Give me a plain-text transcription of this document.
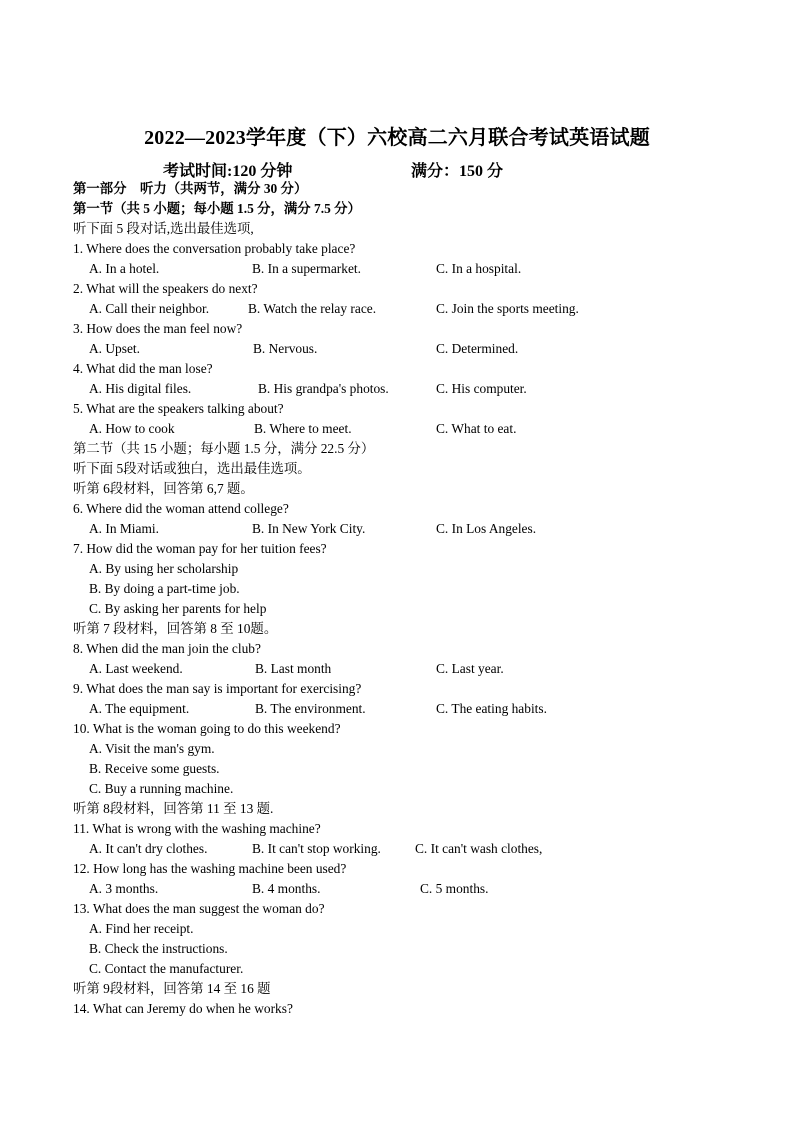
2022—2023学年度（下）六校高二六月联合考试英语试题
考试时间:120 分钟	满分：150 分
第一部分　听力（共两节，满分 30 分）
第一节（共 5 小题；每小题 1.5 分，满分 7.5 分）
听下面 5 段对话,选出最佳选项,
1. Where does the conversation probably take place?
A. In a hotel.	B. In a supermarket.	C. In a hospital.
2. What will the speakers do next?
A. Call their neighbor.	B. Watch the relay race.	C. Join the sports meeting.
3. How does the man feel now?
A. Upset.	B. Nervous.	C. Determined.
4. What did the man lose?
A. His digital files.	B. His grandpa's photos.	C. His computer.
5. What are the speakers talking about?
A. How to cook	B. Where to meet.	C. What to eat.
第二节（共 15 小题；每小题 1.5 分，满分 22.5 分）
听下面 5段对话或独白，选出最佳选项。
听第 6段材料，回答第 6,7 题。
6. Where did the woman attend college?
A. In Miami.	B. In New York City.	C. In Los Angeles.
7. How did the woman pay for her tuition fees?
A. By using her scholarship
B. By doing a part-time job.
C. By asking her parents for help
听第 7 段材料，回答第 8 至 10题。
8. When did the man join the club?
A. Last weekend.	B. Last month	C. Last year.
9. What does the man say is important for exercising?
A. The equipment.	B. The environment.	C. The eating habits.
10. What is the woman going to do this weekend?
A. Visit the man's gym.
B. Receive some guests.
C. Buy a running machine.
听第 8段材料，回答第 11 至 13 题.
11. What is wrong with the washing machine?
A. It can't dry clothes.	B. It can't stop working.	C. It can't wash clothes,
12. How long has the washing machine been used?
A. 3 months.	B. 4 months.	C. 5 months.
13. What does the man suggest the woman do?
A. Find her receipt.
B. Check the instructions.
C. Contact the manufacturer.
听第 9段材料，回答第 14 至 16 题
14. What can Jeremy do when he works?
